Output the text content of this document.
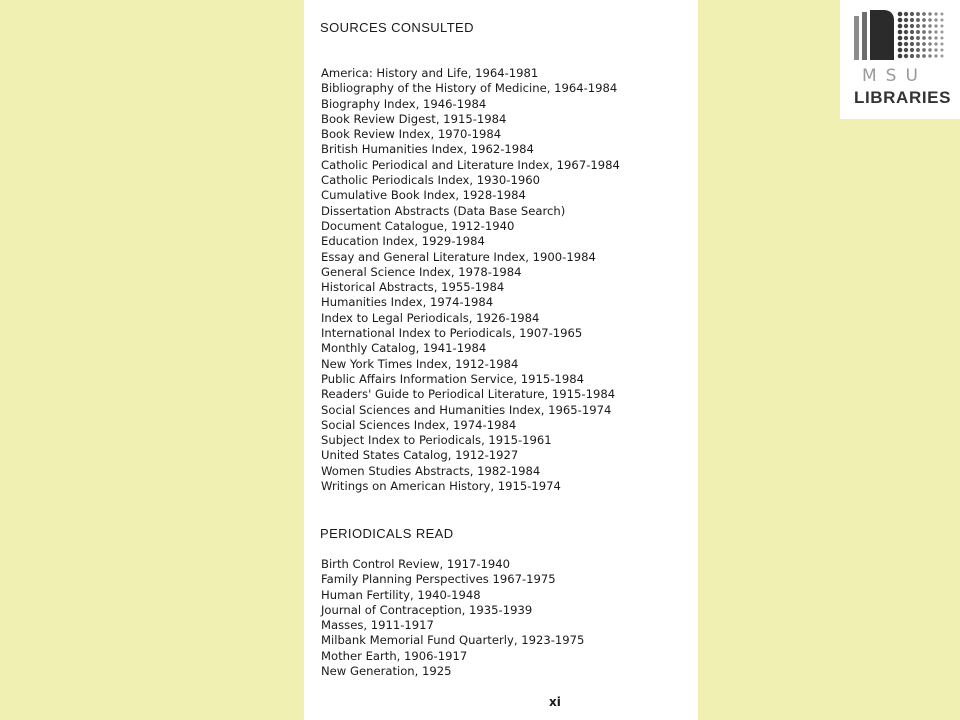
SOURCES CONSULTED
America: History and Life, 1964-1981
Bibliography of the History of Medicine, 1964-1984
Biography Index, 1946-1984
Book Review Digest, 1915-1984
Book Review Index, 1970-1984
British Humanities Index, 1962-1984
Catholic Periodical and Literature Index, 1967-1984
Catholic Periodicals Index, 1930-1960
Cumulative Book Index, 1928-1984
Dissertation Abstracts (Data Base Search)
Document Catalogue, 1912-1940
Education Index, 1929-1984
Essay and General Literature Index, 1900-1984
General Science Index, 1978-1984
Historical Abstracts, 1955-1984
Humanities Index, 1974-1984
Index to Legal Periodicals, 1926-1984
International Index to Periodicals, 1907-1965
Monthly Catalog, 1941-1984
New York Times Index, 1912-1984
Public Affairs Information Service, 1915-1984
Readers' Guide to Periodical Literature, 1915-1984
Social Sciences and Humanities Index, 1965-1974
Social Sciences Index, 1974-1984
Subject Index to Periodicals, 1915-1961
United States Catalog, 1912-1927
Women Studies Abstracts, 1982-1984
Writings on American History, 1915-1974
PERIODICALS READ
Birth Control Review, 1917-1940
Family Planning Perspectives 1967-1975
Human Fertility, 1940-1948
Journal of Contraception, 1935-1939
Masses, 1911-1917
Milbank Memorial Fund Quarterly, 1923-1975
Mother Earth, 1906-1917
New Generation, 1925
xi
MSU
LIBRARIES
